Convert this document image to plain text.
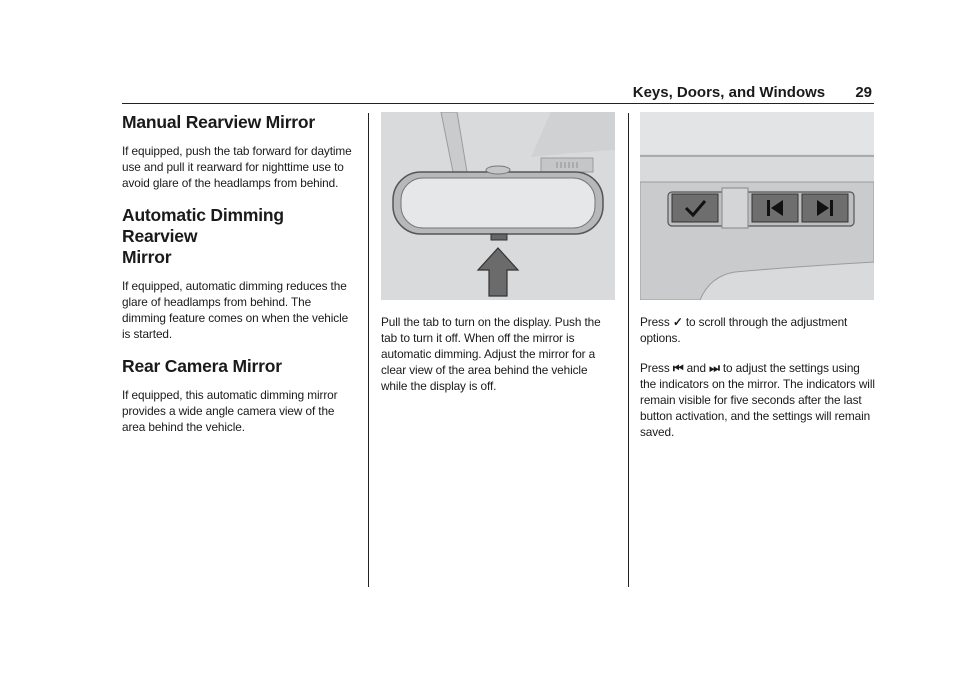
Keys, Doors, and Windows 29
Manual Rearview Mirror

If equipped, push the tab forward for daytime use and pull it rearward for nighttime use to avoid glare of the headlamps from behind.

Automatic Dimming Rearview
Mirror

If equipped, automatic dimming reduces the glare of headlamps from behind. The dimming feature comes on when the vehicle is started.

Rear Camera Mirror

If equipped, this automatic dimming mirror provides a wide angle camera view of the area behind the vehicle.

Pull the tab to turn on the display. Push the tab to turn it off. When off the mirror is automatic dimming. Adjust the mirror for a clear view of the area behind the vehicle while the display is off.

Press ✓ to scroll through the adjustment options.

Press ⏮ and ⏭ to adjust the settings using the indicators on the mirror. The indicators will remain visible for five seconds after the last button activation, and the settings will remain saved.
